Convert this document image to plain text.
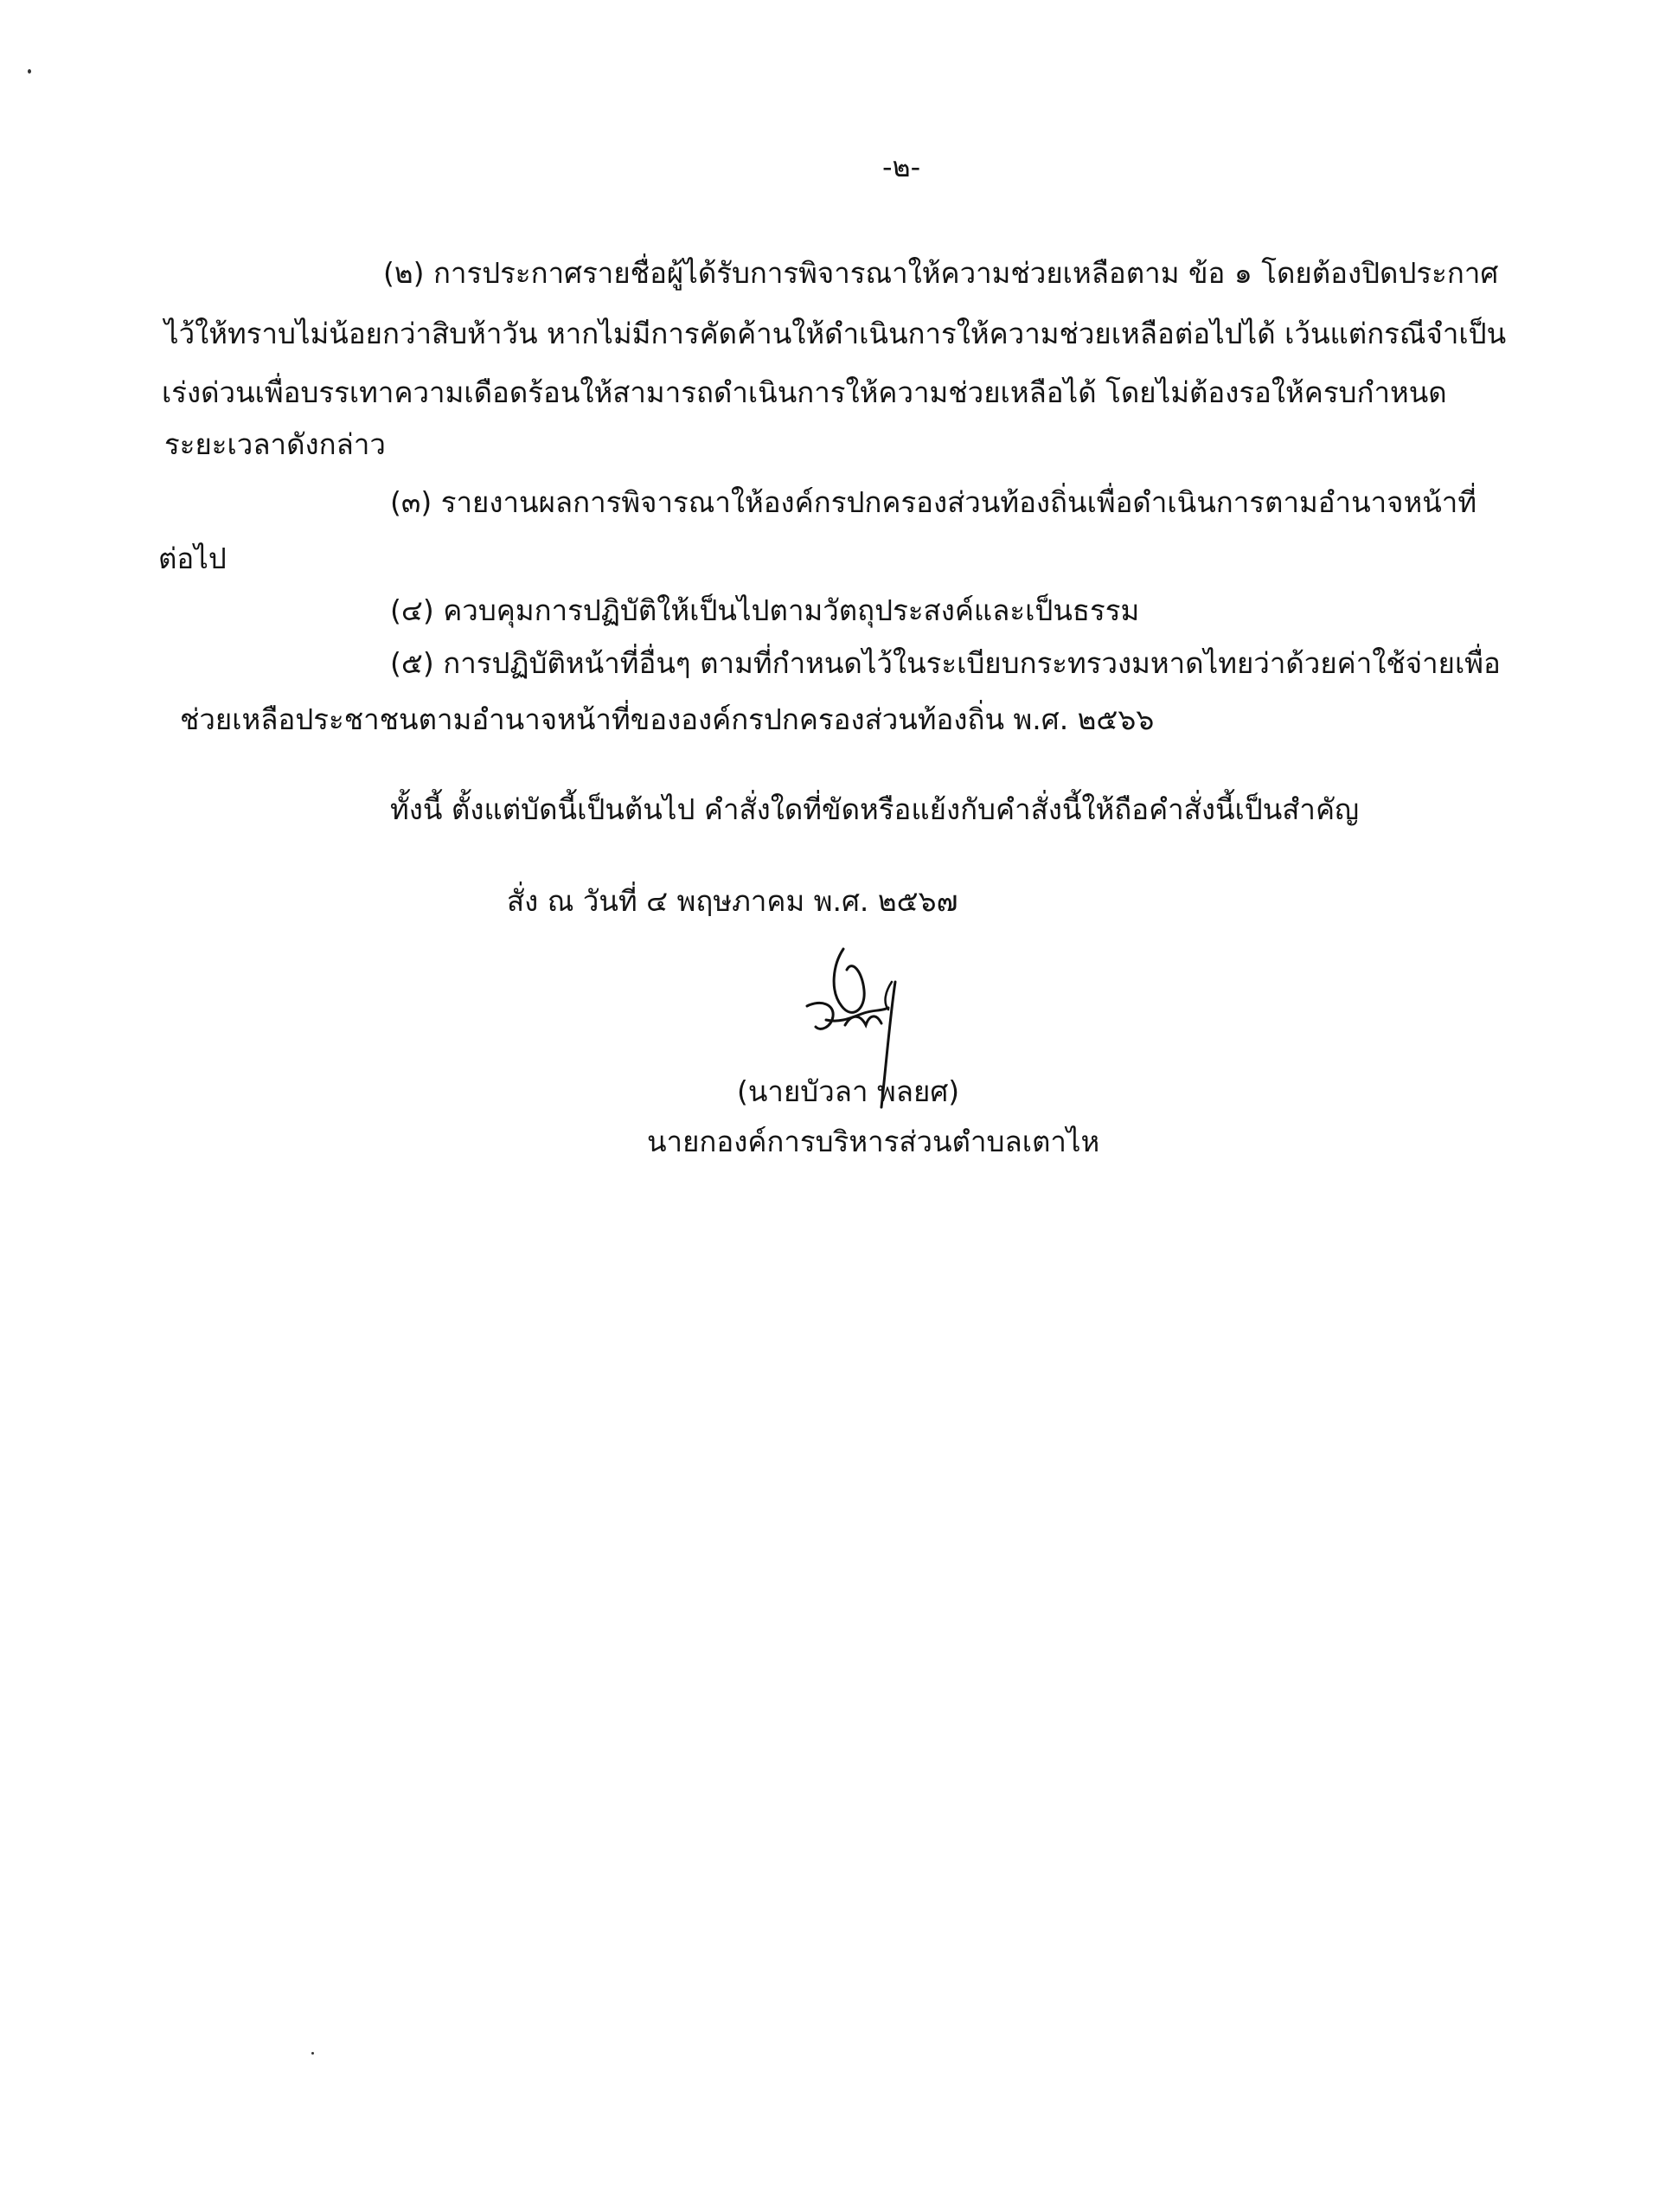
-๒-
(๒) การประกาศรายชื่อผู้ได้รับการพิจารณาให้ความช่วยเหลือตาม ข้อ ๑ โดยต้องปิดประกาศ
ไว้ให้ทราบไม่น้อยกว่าสิบห้าวัน หากไม่มีการคัดค้านให้ดำเนินการให้ความช่วยเหลือต่อไปได้ เว้นแต่กรณีจำเป็น
เร่งด่วนเพื่อบรรเทาความเดือดร้อนให้สามารถดำเนินการให้ความช่วยเหลือได้ โดยไม่ต้องรอให้ครบกำหนด
ระยะเวลาดังกล่าว
(๓) รายงานผลการพิจารณาให้องค์กรปกครองส่วนท้องถิ่นเพื่อดำเนินการตามอำนาจหน้าที่
ต่อไป
(๔) ควบคุมการปฏิบัติให้เป็นไปตามวัตถุประสงค์และเป็นธรรม
(๕) การปฏิบัติหน้าที่อื่นๆ ตามที่กำหนดไว้ในระเบียบกระทรวงมหาดไทยว่าด้วยค่าใช้จ่ายเพื่อ
ช่วยเหลือประชาชนตามอำนาจหน้าที่ขององค์กรปกครองส่วนท้องถิ่น พ.ศ. ๒๕๖๖
ทั้งนี้ ตั้งแต่บัดนี้เป็นต้นไป คำสั่งใดที่ขัดหรือแย้งกับคำสั่งนี้ให้ถือคำสั่งนี้เป็นสำคัญ
สั่ง ณ วันที่ ๔ พฤษภาคม พ.ศ. ๒๕๖๗
(นายบัวลา พลยศ)
นายกองค์การบริหารส่วนตำบลเตาไห
